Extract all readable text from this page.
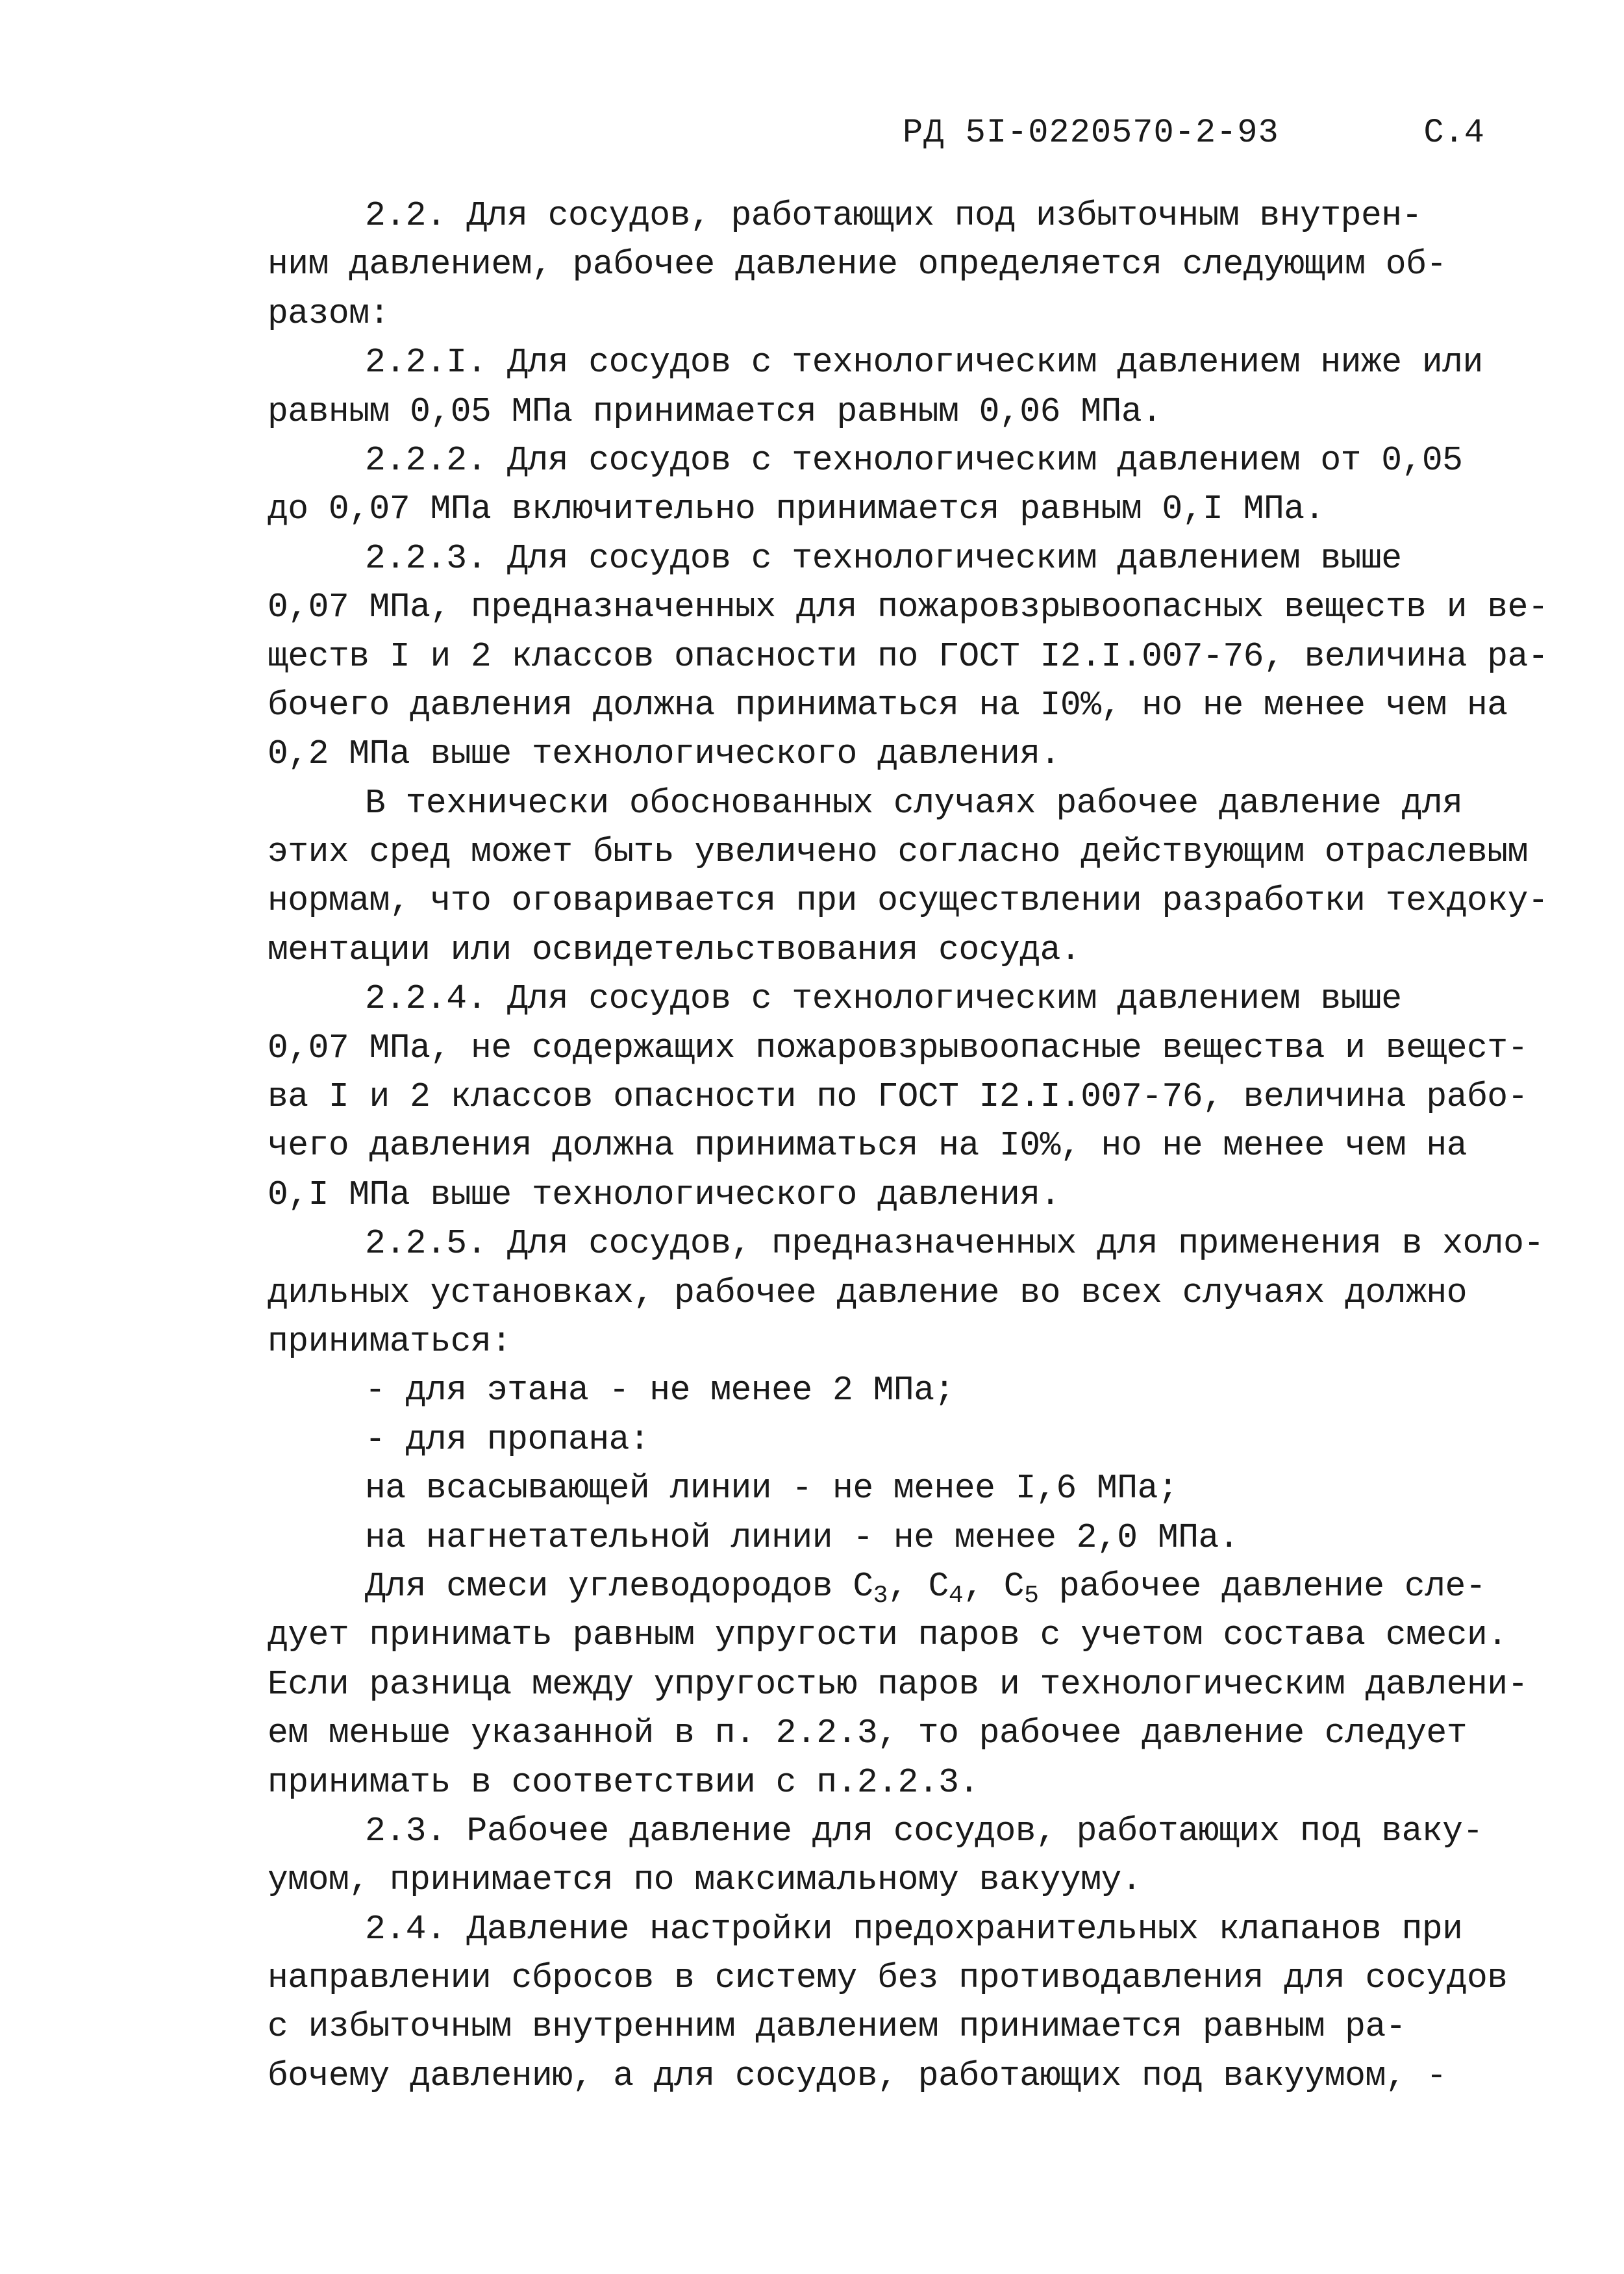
РД 5I-0220570-2-93	С.4
2.2. Для сосудов, работающих под избыточным внутрен-
ним давлением, рабочее давление определяется следующим об-
разом:
2.2.I. Для сосудов с технологическим давлением ниже или
равным 0,05 МПа принимается равным 0,06 МПа.
2.2.2. Для сосудов с технологическим давлением от 0,05
до 0,07 МПа включительно принимается равным 0,I МПа.
2.2.3. Для сосудов с технологическим давлением выше
0,07 МПа, предназначенных для пожаровзрывоопасных веществ и ве-
ществ I и 2 классов опасности по ГОСТ I2.I.007-76, величина ра-
бочего давления должна приниматься на I0%, но не менее чем на
0,2 МПа выше технологического давления.
В технически обоснованных случаях рабочее давление для
этих сред может быть увеличено согласно действующим отраслевым
нормам, что оговаривается при осуществлении разработки техдоку-
ментации или освидетельствования сосуда.
2.2.4. Для сосудов с технологическим давлением выше
0,07 МПа, не содержащих пожаровзрывоопасные вещества и вещест-
ва I и 2 классов опасности по ГОСТ I2.I.007-76, величина рабо-
чего давления должна приниматься на I0%, но не менее чем на
0,I МПа выше технологического давления.
2.2.5. Для сосудов, предназначенных для применения в холо-
дильных установках, рабочее давление во всех случаях должно
приниматься:
- для этана - не менее 2 МПа;
- для пропана:
на всасывающей линии - не менее I,6 МПа;
на нагнетательной линии - не менее 2,0 МПа.
Для смеси углеводородов $С_3$, $С_4$, $С_5$ рабочее давление сле-
дует принимать равным упругости паров с учетом состава смеси.
Если разница между упругостью паров и технологическим давлени-
ем меньше указанной в п. 2.2.3, то рабочее давление следует
принимать в соответствии с п.2.2.3.
2.3. Рабочее давление для сосудов, работающих под ваку-
умом, принимается по максимальному вакууму.
2.4. Давление настройки предохранительных клапанов при
направлении сбросов в систему без противодавления для сосудов
с избыточным внутренним давлением принимается равным ра-
бочему давлению, а для сосудов, работающих под вакуумом, -
